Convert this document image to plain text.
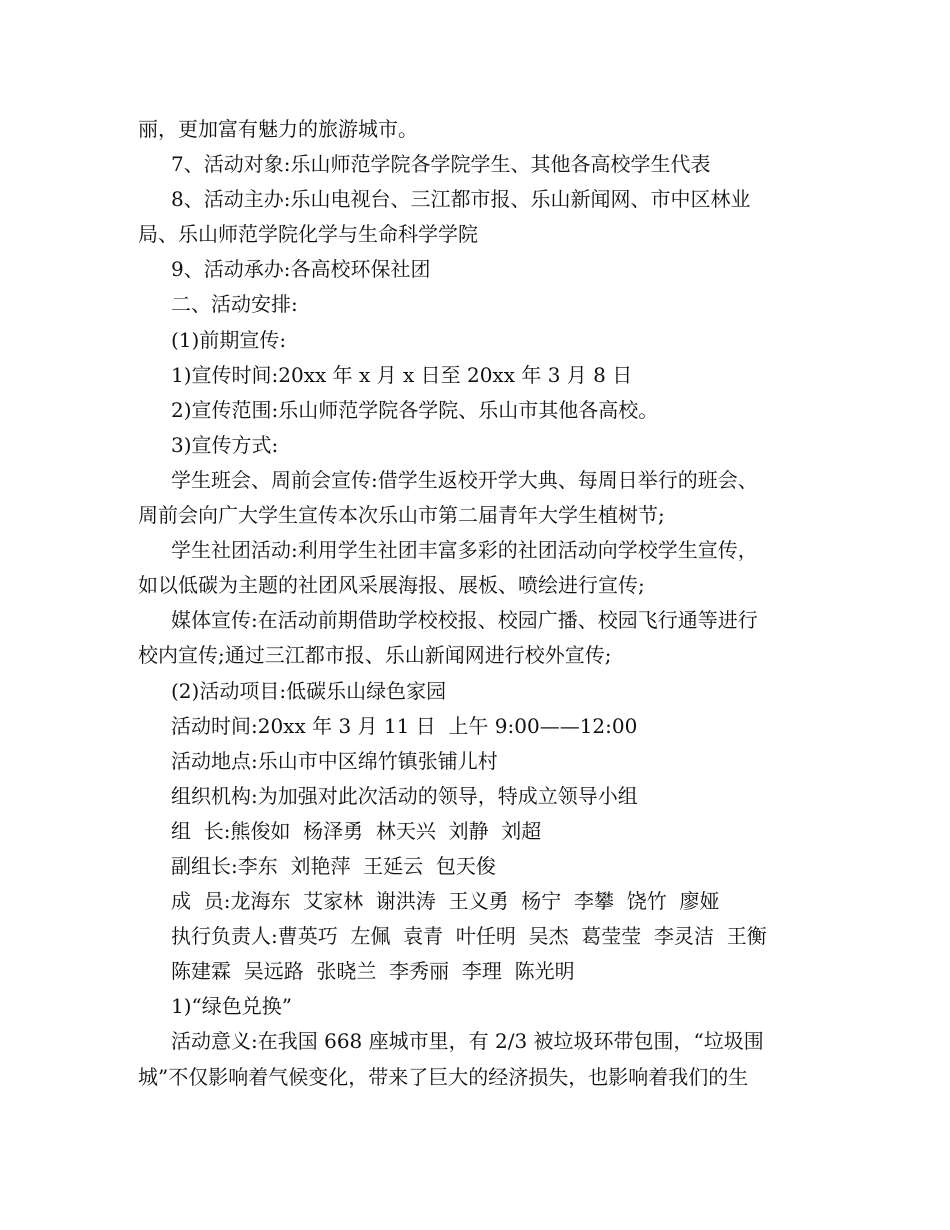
丽，更加富有魅力的旅游城市。
7、活动对象:乐山师范学院各学院学生、其他各高校学生代表
8、活动主办:乐山电视台、三江都市报、乐山新闻网、市中区林业
局、乐山师范学院化学与生命科学学院
9、活动承办:各高校环保社团
二、活动安排:
(1)前期宣传:
1)宣传时间:20xx 年 x 月 x 日至 20xx 年 3 月 8 日
2)宣传范围:乐山师范学院各学院、乐山市其他各高校。
3)宣传方式:
学生班会、周前会宣传:借学生返校开学大典、每周日举行的班会、
周前会向广大学生宣传本次乐山市第二届青年大学生植树节;
学生社团活动:利用学生社团丰富多彩的社团活动向学校学生宣传，
如以低碳为主题的社团风采展海报、展板、喷绘进行宣传;
媒体宣传:在活动前期借助学校校报、校园广播、校园飞行通等进行
校内宣传;通过三江都市报、乐山新闻网进行校外宣传;
(2)活动项目:低碳乐山绿色家园
活动时间:20xx 年 3 月 11 日  上午 9:00——12:00
活动地点:乐山市中区绵竹镇张铺儿村
组织机构:为加强对此次活动的领导，特成立领导小组
组  长:熊俊如  杨泽勇  林天兴  刘静  刘超
副组长:李东  刘艳萍  王延云  包天俊
成  员:龙海东  艾家林  谢洪涛  王义勇  杨宁  李攀  饶竹  廖娅
执行负责人:曹英巧  左佩  袁青  叶任明  吴杰  葛莹莹  李灵洁  王衡
陈建霖  吴远路  张晓兰  李秀丽  李理  陈光明
1)“绿色兑换”
活动意义:在我国 668 座城市里，有 2/3 被垃圾环带包围，“垃圾围
城”不仅影响着气候变化，带来了巨大的经济损失，也影响着我们的生
